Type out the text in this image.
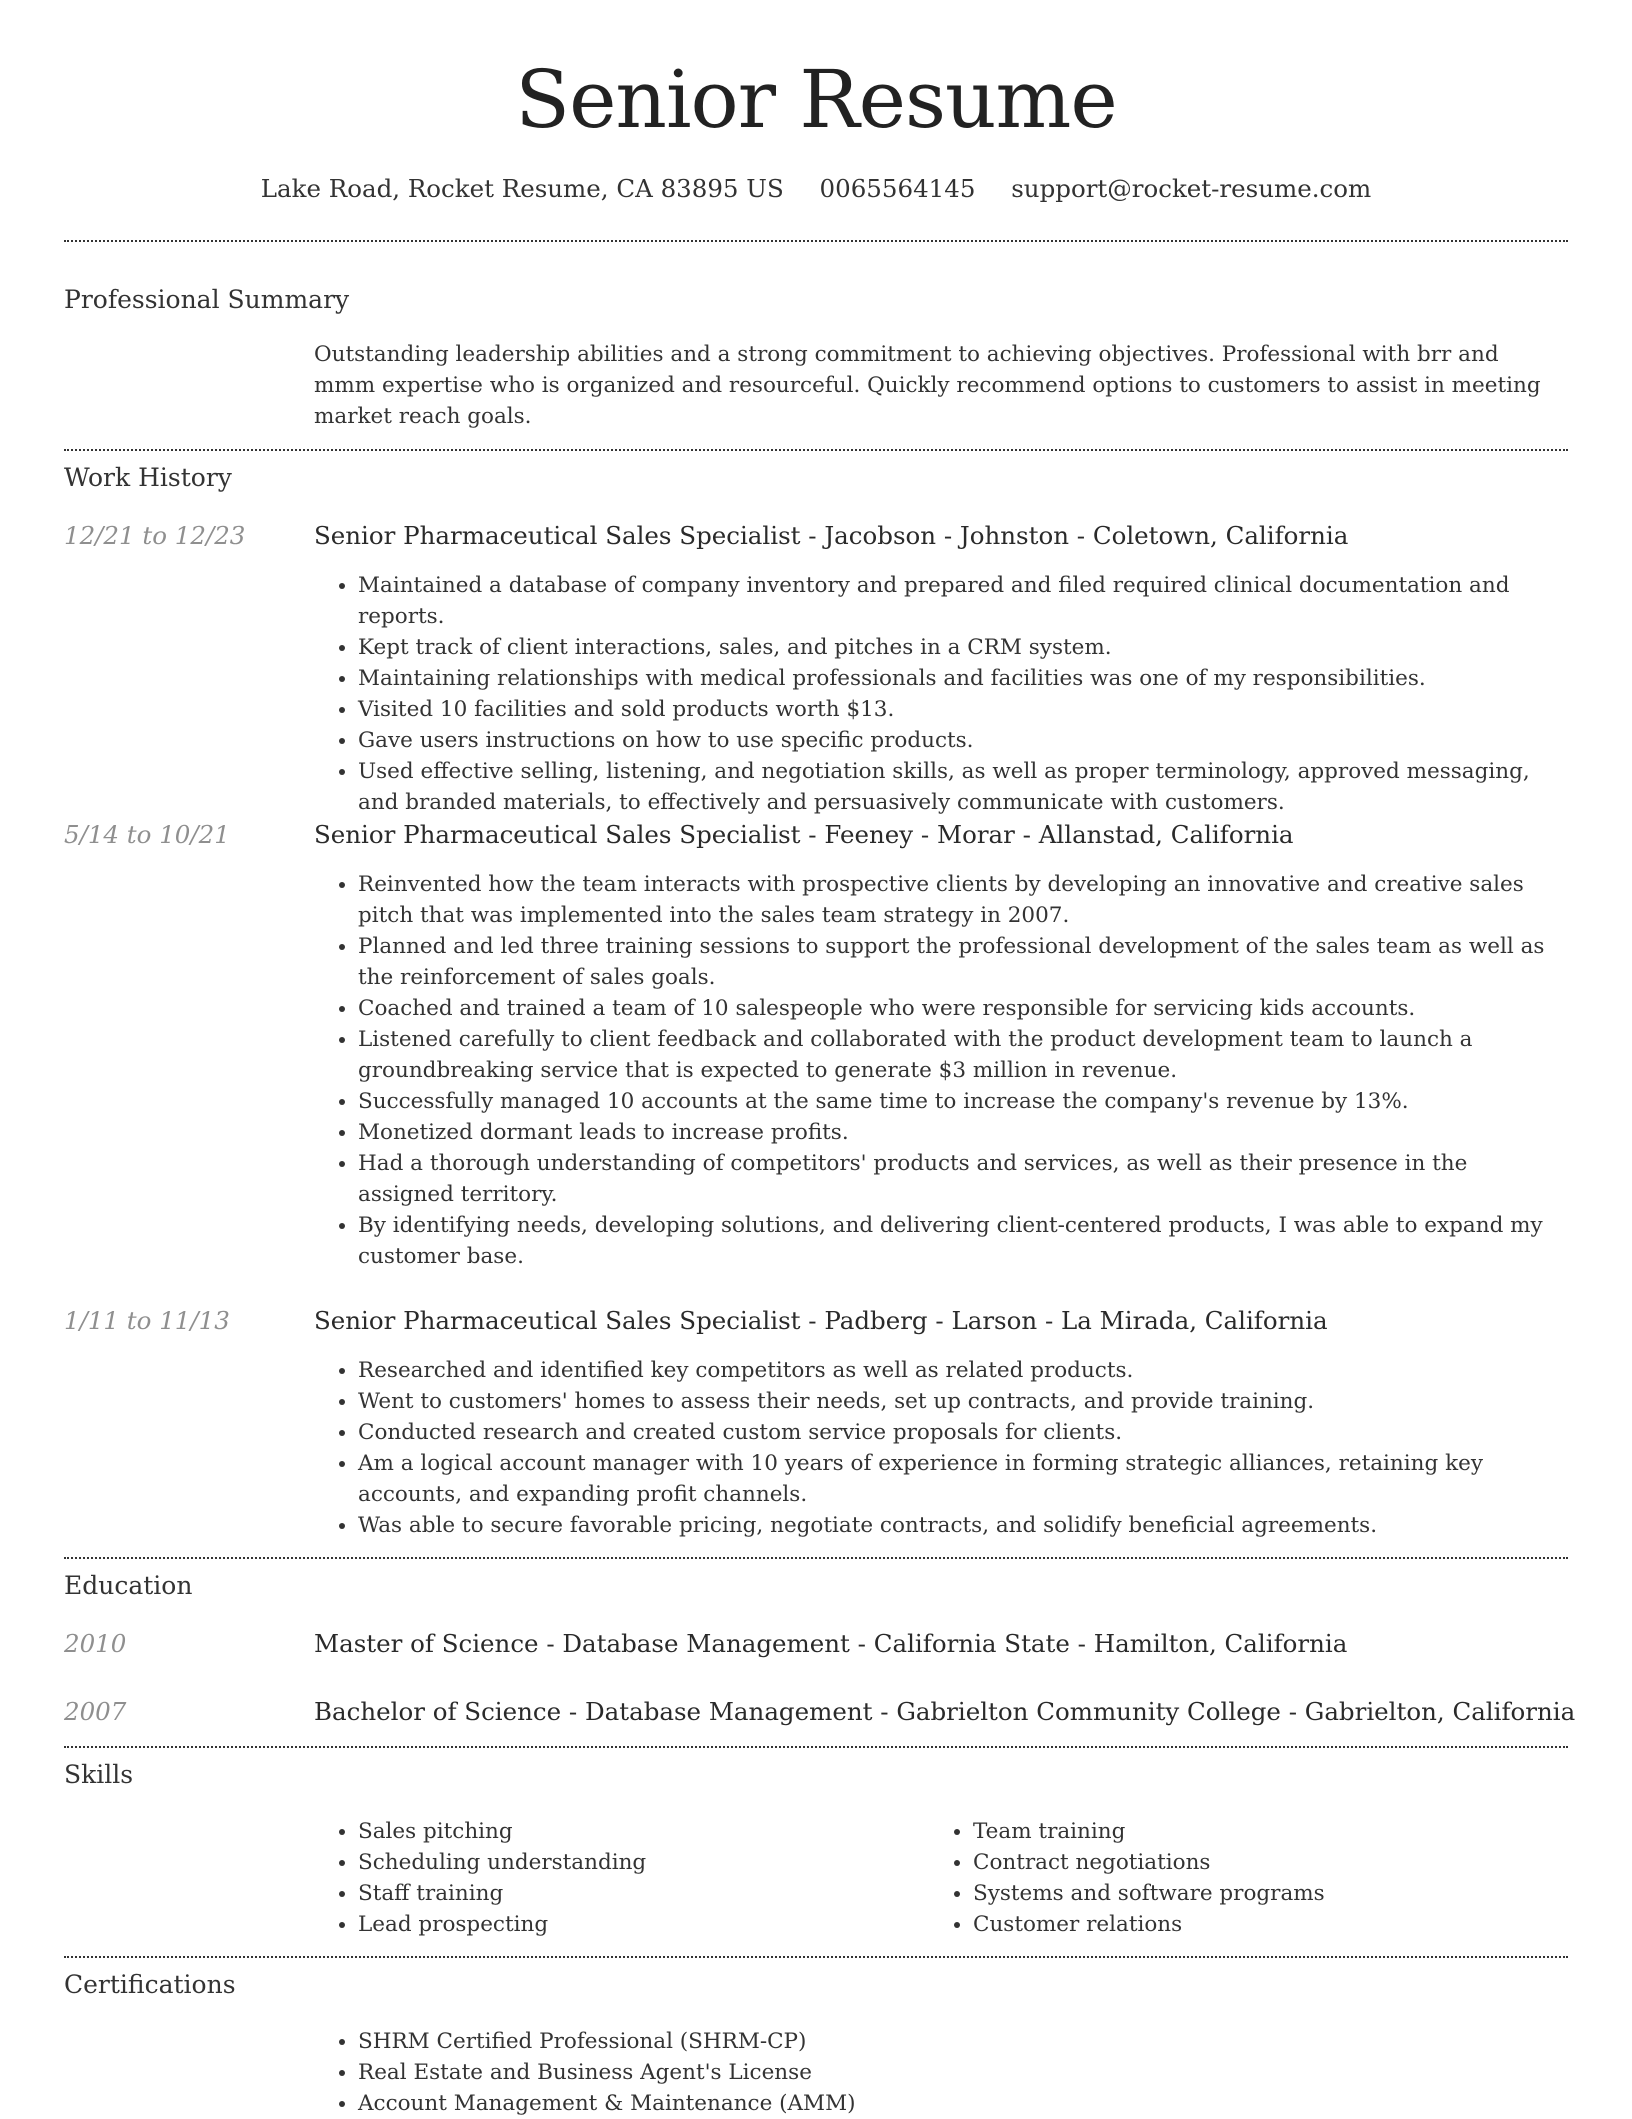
Senior Resume
Lake Road, Rocket Resume, CA 83895 US 0065564145 support@rocket-resume.com
Professional Summary

Outstanding leadership abilities and a strong commitment to achieving objectives. Professional with brr and mmm expertise who is organized and resourceful. Quickly recommend options to customers to assist in meeting market reach goals.

Work History
12/21 to 12/23	Senior Pharmaceutical Sales Specialist - Jacobson - Johnston - Coletown, California
• Maintained a database of company inventory and prepared and filed required clinical documentation and reports.
• Kept track of client interactions, sales, and pitches in a CRM system.
• Maintaining relationships with medical professionals and facilities was one of my responsibilities.
• Visited 10 facilities and sold products worth $13.
• Gave users instructions on how to use specific products.
• Used effective selling, listening, and negotiation skills, as well as proper terminology, approved messaging, and branded materials, to effectively and persuasively communicate with customers.
5/14 to 10/21	Senior Pharmaceutical Sales Specialist - Feeney - Morar - Allanstad, California
• Reinvented how the team interacts with prospective clients by developing an innovative and creative sales pitch that was implemented into the sales team strategy in 2007.
• Planned and led three training sessions to support the professional development of the sales team as well as the reinforcement of sales goals.
• Coached and trained a team of 10 salespeople who were responsible for servicing kids accounts.
• Listened carefully to client feedback and collaborated with the product development team to launch a groundbreaking service that is expected to generate $3 million in revenue.
• Successfully managed 10 accounts at the same time to increase the company's revenue by 13%.
• Monetized dormant leads to increase profits.
• Had a thorough understanding of competitors' products and services, as well as their presence in the assigned territory.
• By identifying needs, developing solutions, and delivering client-centered products, I was able to expand my customer base.
1/11 to 11/13	Senior Pharmaceutical Sales Specialist - Padberg - Larson - La Mirada, California
• Researched and identified key competitors as well as related products.
• Went to customers' homes to assess their needs, set up contracts, and provide training.
• Conducted research and created custom service proposals for clients.
• Am a logical account manager with 10 years of experience in forming strategic alliances, retaining key accounts, and expanding profit channels.
• Was able to secure favorable pricing, negotiate contracts, and solidify beneficial agreements.
Education
2010	Master of Science - Database Management - California State - Hamilton, California
2007	Bachelor of Science - Database Management - Gabrielton Community College - Gabrielton, California
Skills
• Sales pitching
• Scheduling understanding
• Staff training
• Lead prospecting
• Team training
• Contract negotiations
• Systems and software programs
• Customer relations
Certifications
• SHRM Certified Professional (SHRM-CP)
• Real Estate and Business Agent's License
• Account Management & Maintenance (AMM)
